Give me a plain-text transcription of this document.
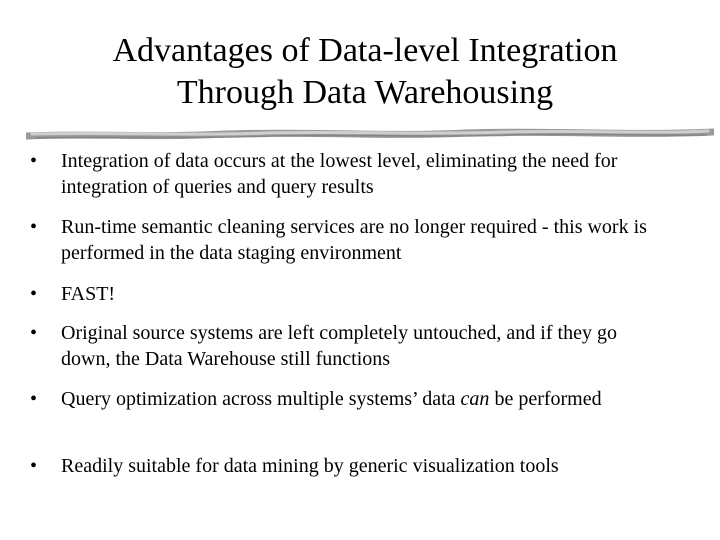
Advantages of Data-level Integration
Through Data Warehousing
•	Integration of data occurs at the lowest level, eliminating the need for integration of queries and query results
•	Run-time semantic cleaning services are no longer required - this work is performed in the data staging environment
•	FAST!
•	Original source systems are left completely untouched, and if they go down, the Data Warehouse still functions
•	Query optimization across multiple systems’ data can be performed
•	Readily suitable for data mining by generic visualization tools
